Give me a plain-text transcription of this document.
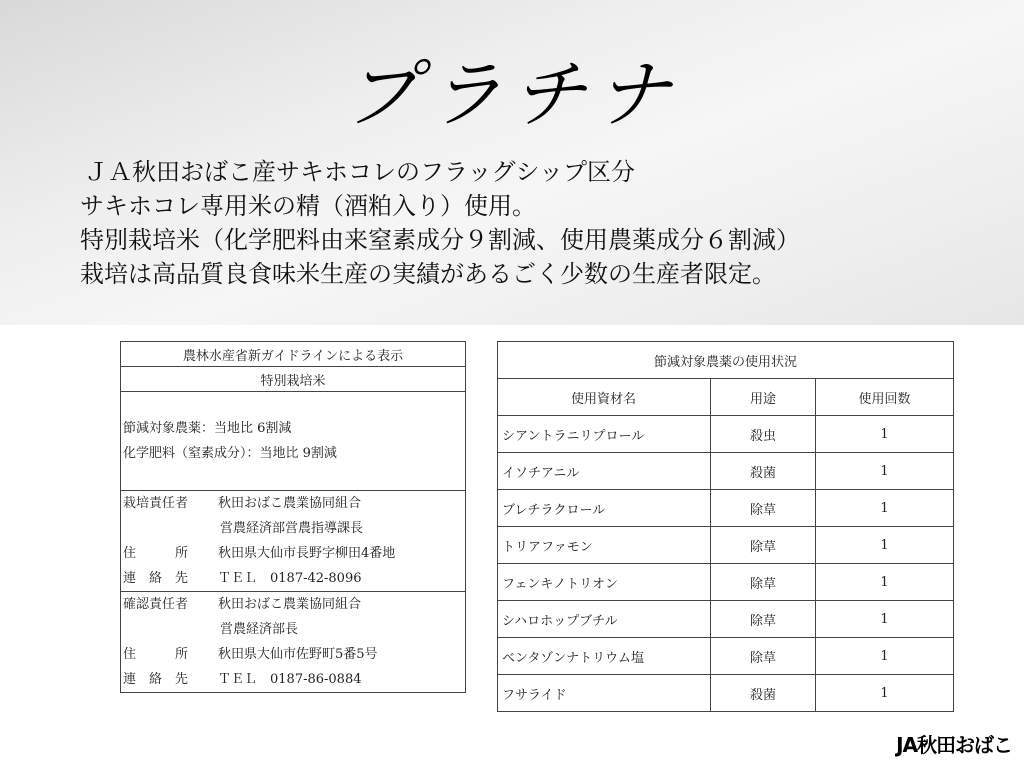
プラチナ
ＪＡ秋田おばこ産サキホコレのフラッグシップ区分
サキホコレ専用米の精（酒粕入り）使用。
特別栽培米（化学肥料由来窒素成分９割減、使用農薬成分６割減）
栽培は高品質良食味米生産の実績があるごく少数の生産者限定。
農林水産省新ガイドラインによる表示
特別栽培米

節減対象農薬：当地比 6割減
化学肥料（窒素成分）：当地比 9割減

栽培責任者 秋田おばこ農業協同組合
営農経済部営農指導課長
住　　　所 秋田県大仙市長野字柳田4番地
連　絡　先 ＴＥＬ　0187-42-8096

確認責任者 秋田おばこ農業協同組合
営農経済部長
住　　　所 秋田県大仙市佐野町5番5号
連　絡　先 ＴＥＬ　0187-86-0884
節減対象農薬の使用状況		
使用資材名	用途	使用回数
シアントラニリプロール	殺虫	1
イソチアニル	殺菌	1
ブレチラクロール	除草	1
トリアファモン	除草	1
フェンキノトリオン	除草	1
シハロホップブチル	除草	1
ベンタゾンナトリウム塩	除草	1
フサライド	殺菌	1
JA秋田おばこ
